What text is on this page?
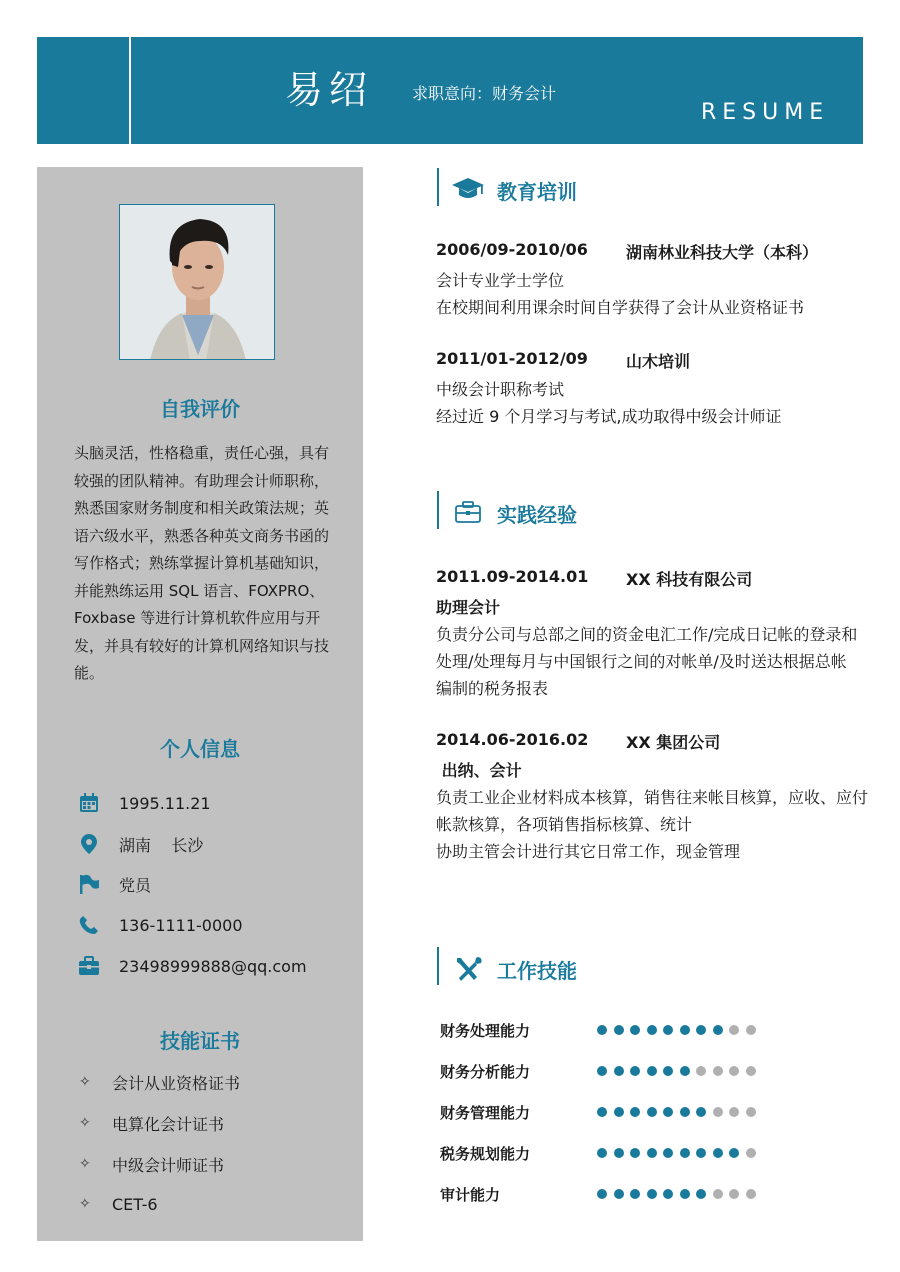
易绍 求职意向：财务会计
RESUME
自我评价
头脑灵活，性格稳重，责任心强，具有较强的团队精神。有助理会计师职称，熟悉国家财务制度和相关政策法规；英语六级水平，熟悉各种英文商务书函的写作格式；熟练掌握计算机基础知识，并能熟练运用 SQL 语言、FOXPRO、Foxbase 等进行计算机软件应用与开发，并具有较好的计算机网络知识与技能。
个人信息
1995.11.21
湖南    长沙
党员
136-1111-0000
23498999888@qq.com
技能证书
✧ 会计从业资格证书
✧ 电算化会计证书
✧ 中级会计师证书
✧ CET-6
教育培训
2006/09-2010/06 湖南林业科技大学（本科）
会计专业学士学位
在校期间利用课余时间自学获得了会计从业资格证书
2011/01-2012/09 山木培训
中级会计职称考试
经过近 9 个月学习与考试,成功取得中级会计师证
实践经验
2011.09-2014.01 XX 科技有限公司
助理会计
负责分公司与总部之间的资金电汇工作/完成日记帐的登录和
处理/处理每月与中国银行之间的对帐单/及时送达根据总帐
编制的税务报表
2014.06-2016.02 XX 集团公司
出纳、会计
负责工业企业材料成本核算，销售往来帐目核算，应收、应付
帐款核算，各项销售指标核算、统计
协助主管会计进行其它日常工作，现金管理
工作技能
财务处理能力
财务分析能力
财务管理能力
税务规划能力
审计能力
